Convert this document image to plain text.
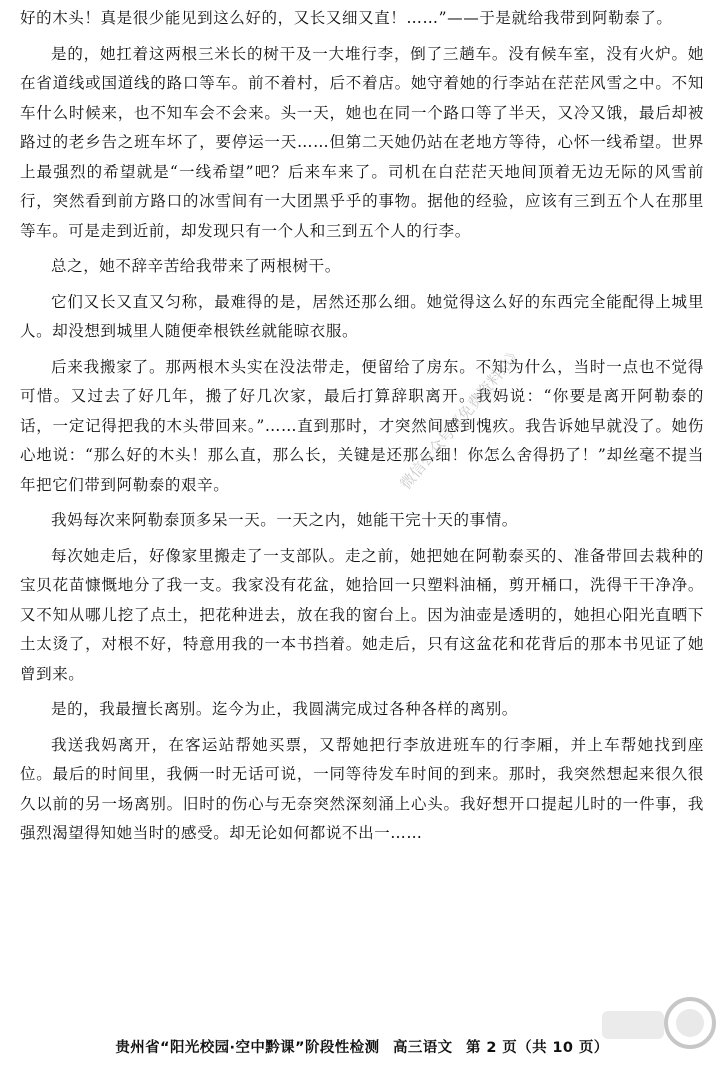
好的木头！真是很少能见到这么好的，又长又细又直！……”——于是就给我带到阿勒泰了。

是的，她扛着这两根三米长的树干及一大堆行李，倒了三趟车。没有候车室，没有火炉。她在省道线或国道线的路口等车。前不着村，后不着店。她守着她的行李站在茫茫风雪之中。不知车什么时候来，也不知车会不会来。头一天，她也在同一个路口等了半天，又冷又饿，最后却被路过的老乡告之班车坏了，要停运一天……但第二天她仍站在老地方等待，心怀一线希望。世界上最强烈的希望就是“一线希望”吧？后来车来了。司机在白茫茫天地间顶着无边无际的风雪前行，突然看到前方路口的冰雪间有一大团黑乎乎的事物。据他的经验，应该有三到五个人在那里等车。可是走到近前，却发现只有一个人和三到五个人的行李。

总之，她不辞辛苦给我带来了两根树干。

它们又长又直又匀称，最难得的是，居然还那么细。她觉得这么好的东西完全能配得上城里人。却没想到城里人随便牵根铁丝就能晾衣服。

后来我搬家了。那两根木头实在没法带走，便留给了房东。不知为什么，当时一点也不觉得可惜。又过去了好几年，搬了好几次家，最后打算辞职离开。我妈说：“你要是离开阿勒泰的话，一定记得把我的木头带回来。”……直到那时，才突然间感到愧疚。我告诉她早就没了。她伤心地说：“那么好的木头！那么直，那么长，关键是还那么细！你怎么舍得扔了！”却丝毫不提当年把它们带到阿勒泰的艰辛。

我妈每次来阿勒泰顶多呆一天。一天之内，她能干完十天的事情。

每次她走后，好像家里搬走了一支部队。走之前，她把她在阿勒泰买的、准备带回去栽种的宝贝花苗慷慨地分了我一支。我家没有花盆，她拾回一只塑料油桶，剪开桶口，洗得干干净净。又不知从哪儿挖了点土，把花种进去，放在我的窗台上。因为油壶是透明的，她担心阳光直晒下土太烫了，对根不好，特意用我的一本书挡着。她走后，只有这盆花和花背后的那本书见证了她曾到来。

是的，我最擅长离别。迄今为止，我圆满完成过各种各样的离别。

我送我妈离开，在客运站帮她买票，又帮她把行李放进班车的行李厢，并上车帮她找到座位。最后的时间里，我俩一时无话可说，一同等待发车时间的到来。那时，我突然想起来很久很久以前的另一场离别。旧时的伤心与无奈突然深刻涌上心头。我好想开口提起儿时的一件事，我强烈渴望得知她当时的感受。却无论如何都说不出一……

微信公众号《免费资料站》
贵州省“阳光校园·空中黔课”阶段性检测 高三语文 第 2 页（共 10 页）
